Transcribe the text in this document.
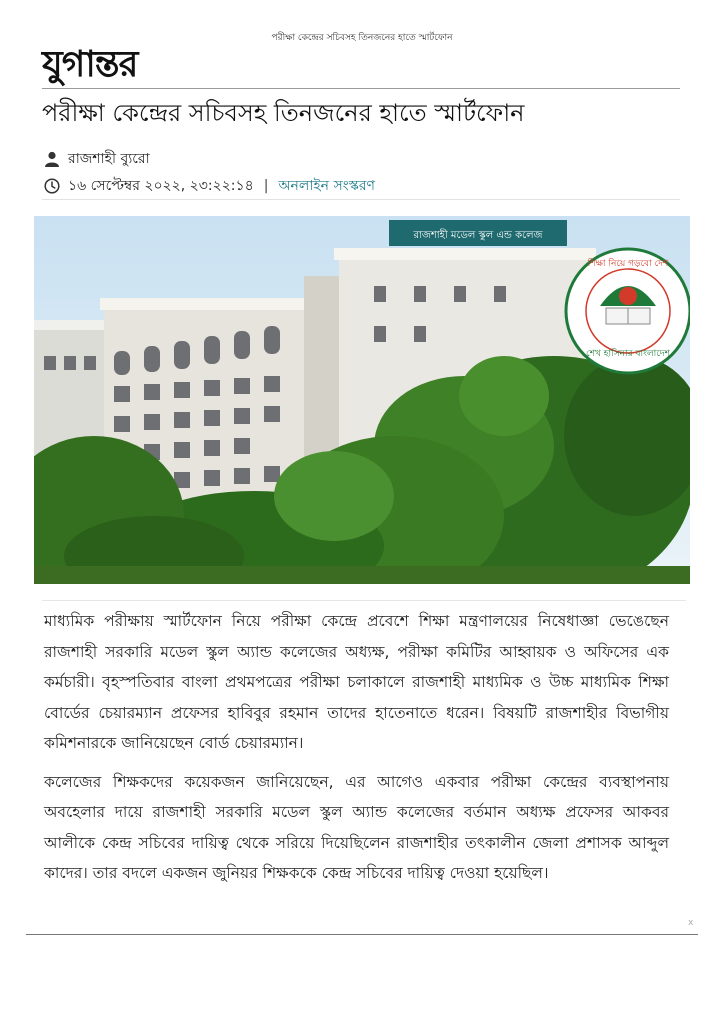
পরীক্ষা কেন্দ্রের সচিবসহ তিনজনের হাতে স্মার্টফোন
যুগান্তর
পরীক্ষা কেন্দ্রের সচিবসহ তিনজনের হাতে স্মার্টফোন
রাজশাহী ব্যুরো
১৬ সেপ্টেম্বর ২০২২, ২৩:২২:১৪ | অনলাইন সংস্করণ
রাজশাহী মডেল স্কুল এন্ড কলেজ
শিক্ষা নিয়ে গড়বো দেশ
শেখ হাসিনার বাংলাদেশ

মাধ্যমিক পরীক্ষায় স্মার্টফোন নিয়ে পরীক্ষা কেন্দ্রে প্রবেশে শিক্ষা মন্ত্রণালয়ের নিষেধাজ্ঞা ভেঙেছেন রাজশাহী সরকারি মডেল স্কুল অ্যান্ড কলেজের অধ্যক্ষ, পরীক্ষা কমিটির আহ্বায়ক ও অফিসের এক কর্মচারী। বৃহস্পতিবার বাংলা প্রথমপত্রের পরীক্ষা চলাকালে রাজশাহী মাধ্যমিক ও উচ্চ মাধ্যমিক শিক্ষা বোর্ডের চেয়ারম্যান প্রফেসর হাবিবুর রহমান তাদের হাতেনাতে ধরেন। বিষয়টি রাজশাহীর বিভাগীয় কমিশনারকে জানিয়েছেন বোর্ড চেয়ারম্যান।

কলেজের শিক্ষকদের কয়েকজন জানিয়েছেন, এর আগেও একবার পরীক্ষা কেন্দ্রের ব্যবস্থাপনায় অবহেলার দায়ে রাজশাহী সরকারি মডেল স্কুল অ্যান্ড কলেজের বর্তমান অধ্যক্ষ প্রফেসর আকবর আলীকে কেন্দ্র সচিবের দায়িত্ব থেকে সরিয়ে দিয়েছিলেন রাজশাহীর তৎকালীন জেলা প্রশাসক আব্দুল কাদের। তার বদলে একজন জুনিয়র শিক্ষককে কেন্দ্র সচিবের দায়িত্ব দেওয়া হয়েছিল।

x
